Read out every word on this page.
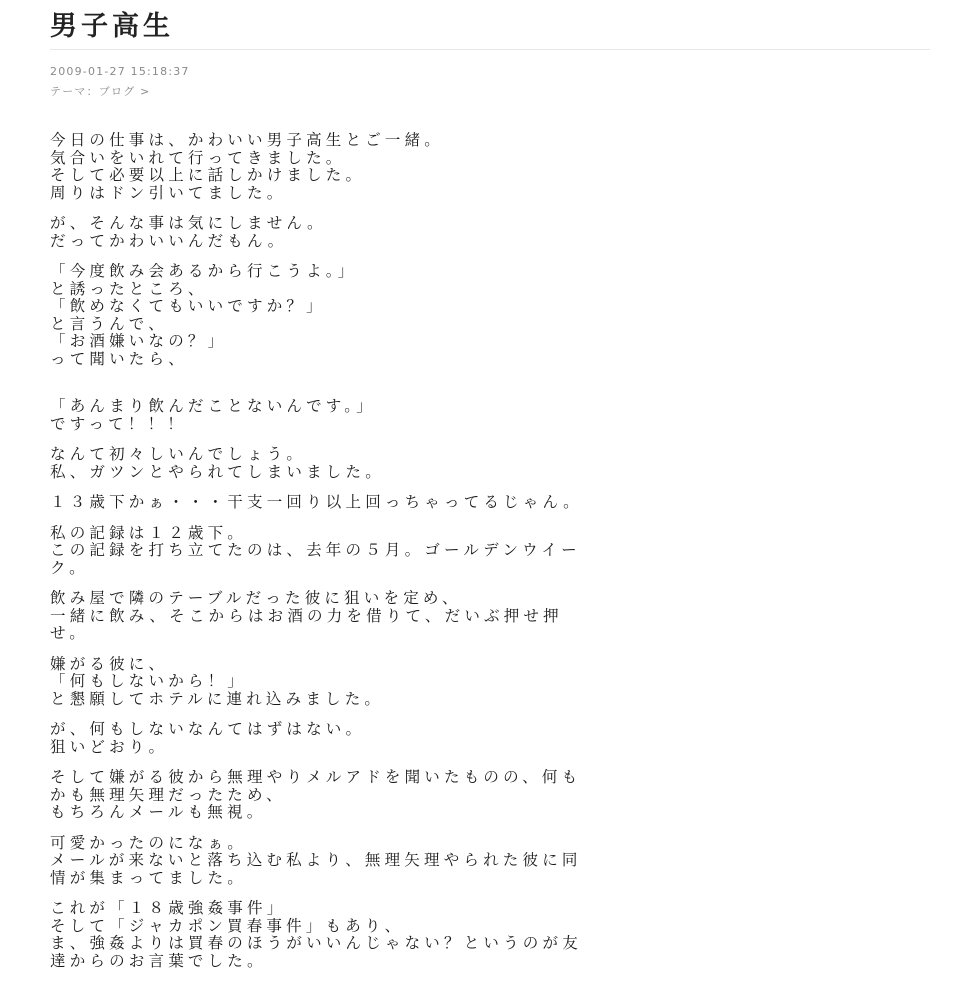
男子高生
2009-01-27 15:18:37
テーマ：ブログ >
今日の仕事は、かわいい男子高生とご一緒。
気合いをいれて行ってきました。
そして必要以上に話しかけました。
周りはドン引いてました。
が、そんな事は気にしません。
だってかわいいんだもん。
「今度飲み会あるから行こうよ。」
と誘ったところ、
「飲めなくてもいいですか？」
と言うんで、
「お酒嫌いなの？」
って聞いたら、
「あんまり飲んだことないんです。」
ですって！！！
なんて初々しいんでしょう。
私、ガツンとやられてしまいました。
１３歳下かぁ・・・干支一回り以上回っちゃってるじゃん。
私の記録は１２歳下。
この記録を打ち立てたのは、去年の５月。ゴールデンウイー
ク。
飲み屋で隣のテーブルだった彼に狙いを定め、
一緒に飲み、そこからはお酒の力を借りて、だいぶ押せ押
せ。
嫌がる彼に、
「何もしないから！」
と懇願してホテルに連れ込みました。
が、何もしないなんてはずはない。
狙いどおり。
そして嫌がる彼から無理やりメルアドを聞いたものの、何も
かも無理矢理だったため、
もちろんメールも無視。
可愛かったのになぁ。
メールが来ないと落ち込む私より、無理矢理やられた彼に同
情が集まってました。
これが「１８歳強姦事件」
そして「ジャカポン買春事件」もあり、
ま、強姦よりは買春のほうがいいんじゃない？というのが友
達からのお言葉でした。
